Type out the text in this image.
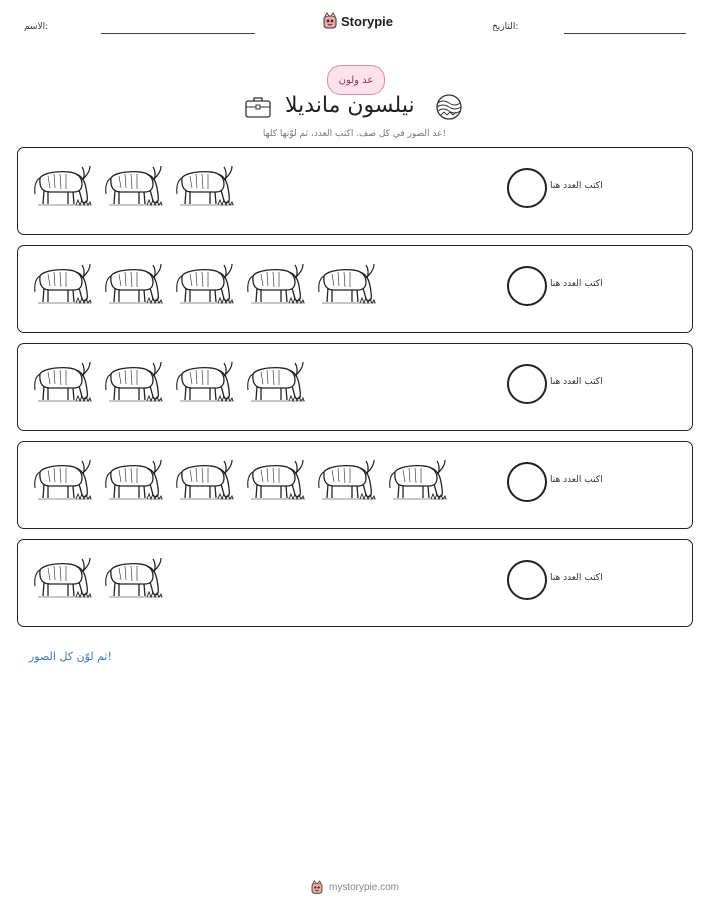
الاسم:	Storypie	التاريخ:
عد ولون
نيلسون مانديلا
عد الصور في كل صف. اكتب العدد، ثم لوّنها كلها!
اكتب العدد هنا
اكتب العدد هنا
اكتب العدد هنا
اكتب العدد هنا
اكتب العدد هنا
ثم لوّن كل الصور!
mystorypie.com
